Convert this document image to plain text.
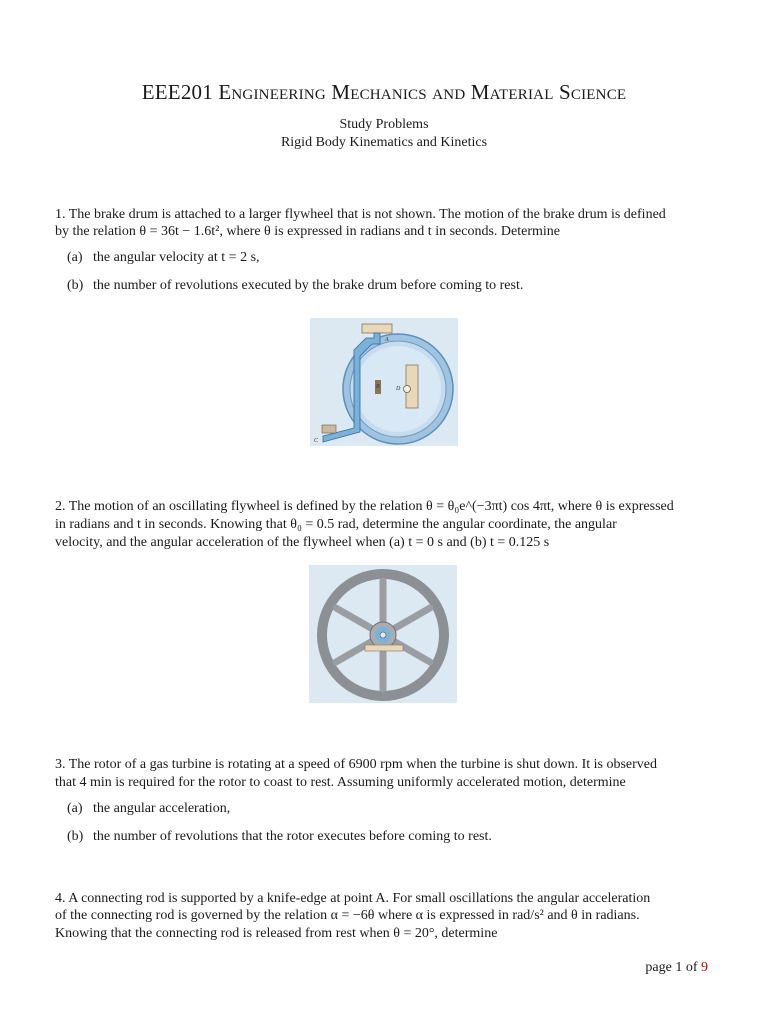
EEE201 Engineering Mechanics and Material Science
Study Problems
Rigid Body Kinematics and Kinetics
1. The brake drum is attached to a larger flywheel that is not shown. The motion of the brake drum is defined
by the relation θ = 36t − 1.6t², where θ is expressed in radians and t in seconds. Determine
(a) the angular velocity at t = 2 s,
(b) the number of revolutions executed by the brake drum before coming to rest.
A
B
C
D
2. The motion of an oscillating flywheel is defined by the relation θ = θ₀e^(−3πt) cos 4πt, where θ is expressed
in radians and t in seconds. Knowing that θ₀ = 0.5 rad, determine the angular coordinate, the angular
velocity, and the angular acceleration of the flywheel when (a) t = 0 s and (b) t = 0.125 s
3. The rotor of a gas turbine is rotating at a speed of 6900 rpm when the turbine is shut down. It is observed
that 4 min is required for the rotor to coast to rest. Assuming uniformly accelerated motion, determine
(a) the angular acceleration,
(b) the number of revolutions that the rotor executes before coming to rest.
4. A connecting rod is supported by a knife-edge at point A. For small oscillations the angular acceleration
of the connecting rod is governed by the relation α = −6θ where α is expressed in rad/s² and θ in radians.
Knowing that the connecting rod is released from rest when θ = 20°, determine
page 1 of 9
